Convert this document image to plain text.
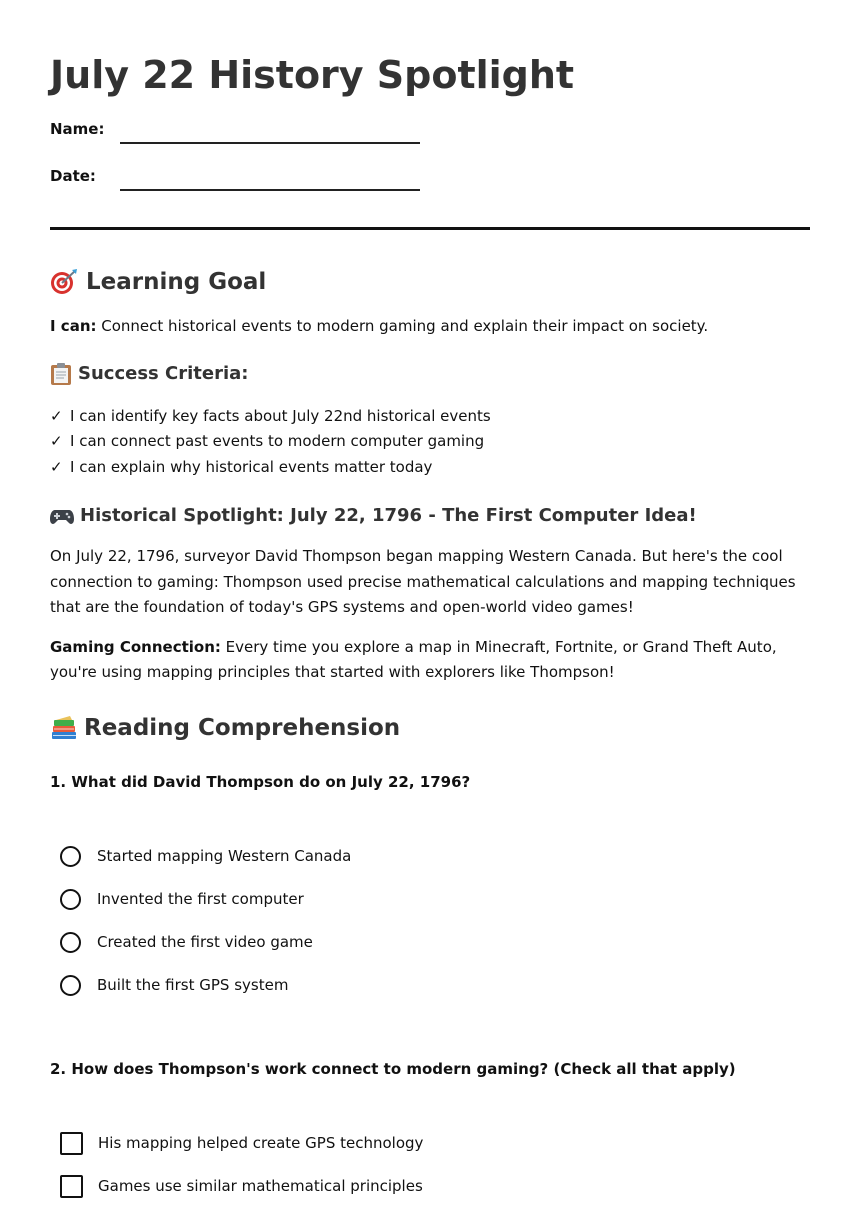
July 22 History Spotlight
Name:
Date:
Learning Goal

I can: Connect historical events to modern gaming and explain their impact on society.

Success Criteria:
✓ I can identify key facts about July 22nd historical events
✓ I can connect past events to modern computer gaming
✓ I can explain why historical events matter today
Historical Spotlight: July 22, 1796 - The First Computer Idea!

On July 22, 1796, surveyor David Thompson began mapping Western Canada. But here's the cool connection to gaming: Thompson used precise mathematical calculations and mapping techniques that are the foundation of today's GPS systems and open-world video games!

Gaming Connection: Every time you explore a map in Minecraft, Fortnite, or Grand Theft Auto, you're using mapping principles that started with explorers like Thompson!

Reading Comprehension
1. What did David Thompson do on July 22, 1796?
Started mapping Western Canada
Invented the first computer
Created the first video game
Built the first GPS system
2. How does Thompson's work connect to modern gaming? (Check all that apply)
His mapping helped create GPS technology
Games use similar mathematical principles
